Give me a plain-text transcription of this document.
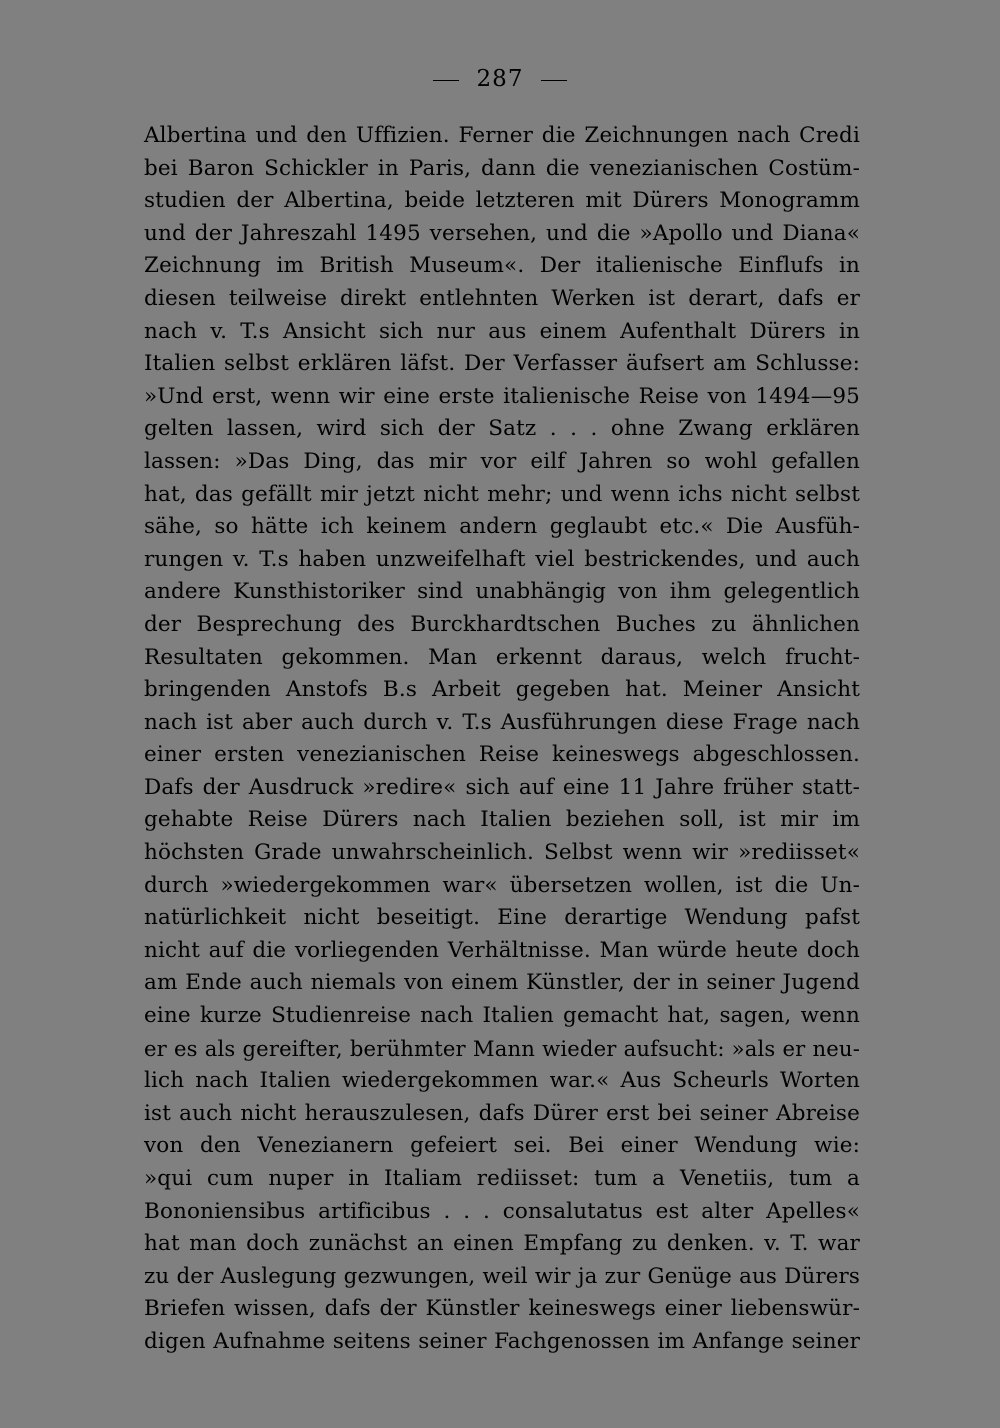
287
Albertina und den Uffizien. Ferner die Zeichnungen nach Credi
bei Baron Schickler in Paris, dann die venezianischen Costüm-
studien der Albertina, beide letzteren mit Dürers Monogramm
und der Jahreszahl 1495 versehen, und die »Apollo und Diana«
Zeichnung im British Museum«. Der italienische Einflufs in
diesen teilweise direkt entlehnten Werken ist derart, dafs er
nach v. T.s Ansicht sich nur aus einem Aufenthalt Dürers in
Italien selbst erklären läfst. Der Verfasser äufsert am Schlusse:
»Und erst, wenn wir eine erste italienische Reise von 1494—95
gelten lassen, wird sich der Satz . . . ohne Zwang erklären
lassen: »Das Ding, das mir vor eilf Jahren so wohl gefallen
hat, das gefällt mir jetzt nicht mehr; und wenn ichs nicht selbst
sähe, so hätte ich keinem andern geglaubt etc.« Die Ausfüh-
rungen v. T.s haben unzweifelhaft viel bestrickendes, und auch
andere Kunsthistoriker sind unabhängig von ihm gelegentlich
der Besprechung des Burckhardtschen Buches zu ähnlichen
Resultaten gekommen. Man erkennt daraus, welch frucht-
bringenden Anstofs B.s Arbeit gegeben hat. Meiner Ansicht
nach ist aber auch durch v. T.s Ausführungen diese Frage nach
einer ersten venezianischen Reise keineswegs abgeschlossen.
Dafs der Ausdruck »redire« sich auf eine 11 Jahre früher statt-
gehabte Reise Dürers nach Italien beziehen soll, ist mir im
höchsten Grade unwahrscheinlich. Selbst wenn wir »rediisset«
durch »wiedergekommen war« übersetzen wollen, ist die Un-
natürlichkeit nicht beseitigt. Eine derartige Wendung pafst
nicht auf die vorliegenden Verhältnisse. Man würde heute doch
am Ende auch niemals von einem Künstler, der in seiner Jugend
eine kurze Studienreise nach Italien gemacht hat, sagen, wenn
er es als gereifter, berühmter Mann wieder aufsucht: »als er neu-
lich nach Italien wiedergekommen war.« Aus Scheurls Worten
ist auch nicht herauszulesen, dafs Dürer erst bei seiner Abreise
von den Venezianern gefeiert sei. Bei einer Wendung wie:
»qui cum nuper in Italiam rediisset: tum a Venetiis, tum a
Bononiensibus artificibus . . . consalutatus est alter Apelles«
hat man doch zunächst an einen Empfang zu denken. v. T. war
zu der Auslegung gezwungen, weil wir ja zur Genüge aus Dürers
Briefen wissen, dafs der Künstler keineswegs einer liebenswür-
digen Aufnahme seitens seiner Fachgenossen im Anfange seiner
